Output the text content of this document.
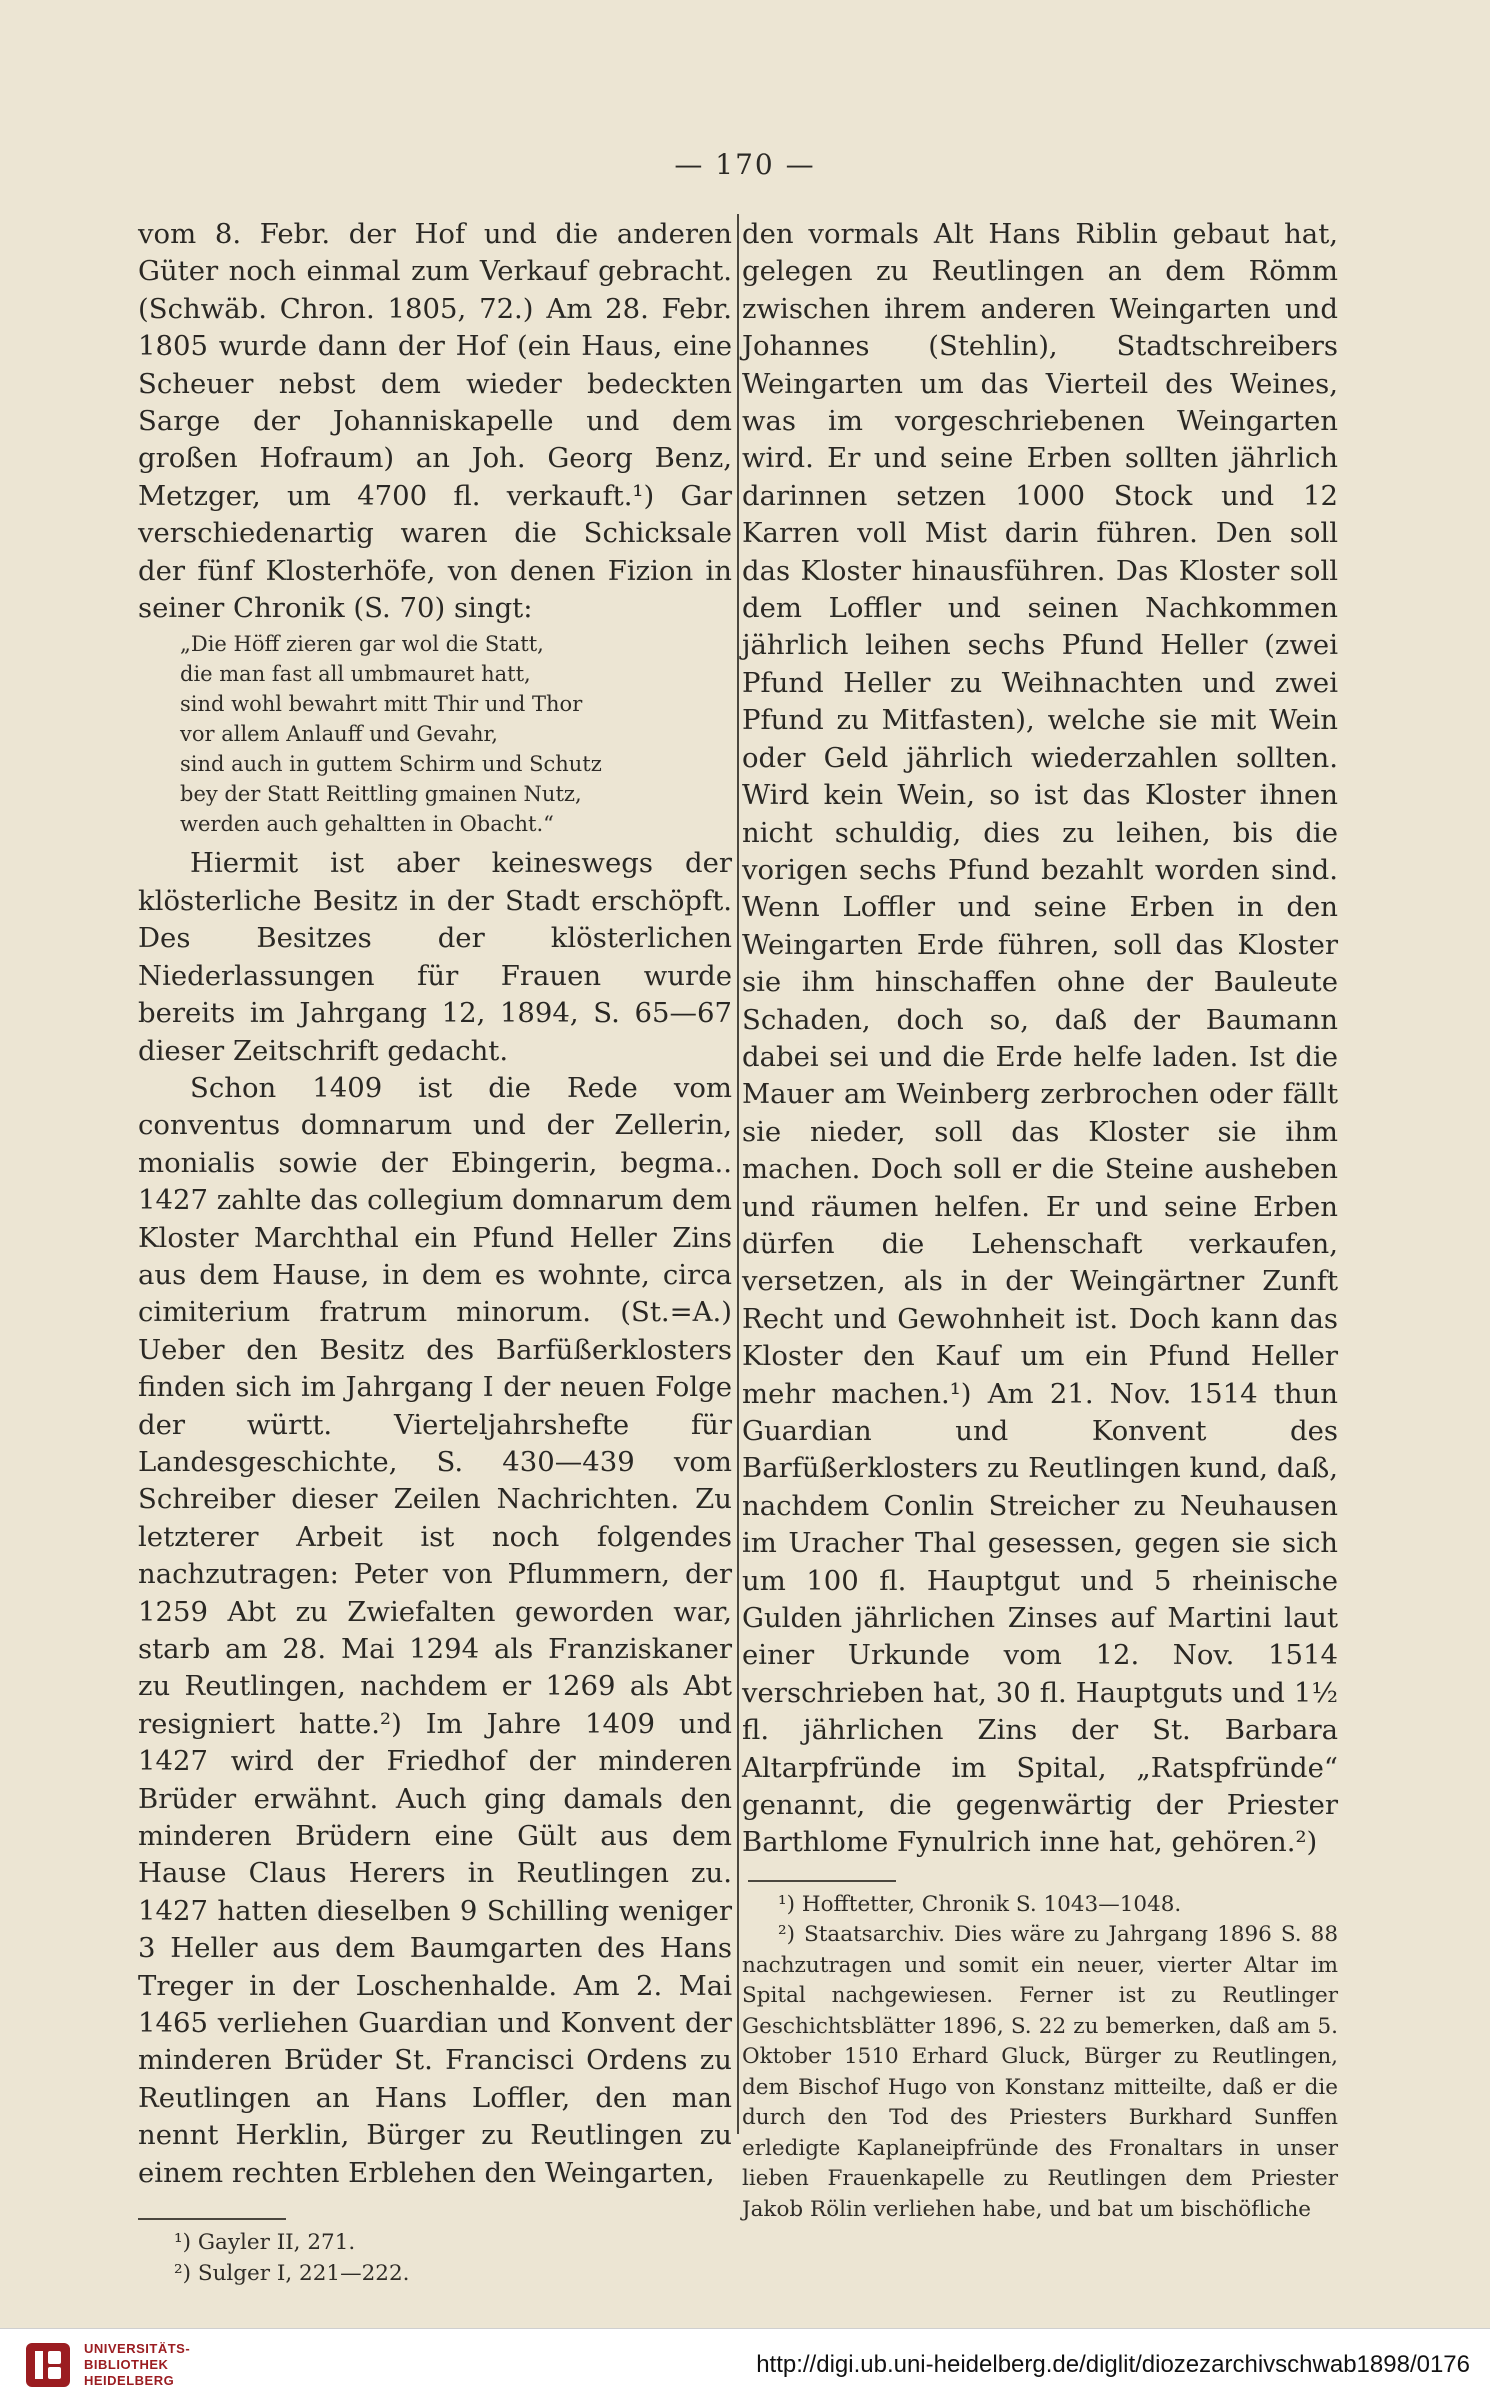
— 170 —

vom 8. Febr. der Hof und die anderen Güter noch einmal zum Verkauf gebracht. (Schwäb. Chron. 1805, 72.) Am 28. Febr. 1805 wurde dann der Hof (ein Haus, eine Scheuer nebst dem wieder bedeckten Sarge der Johanniskapelle und dem großen Hofraum) an Joh. Georg Benz, Metzger, um 4700 fl. verkauft.¹) Gar verschiedenartig waren die Schicksale der fünf Klosterhöfe, von denen Fizion in seiner Chronik (S. 70) singt:

„Die Höff zieren gar wol die Statt,
die man fast all umbmauret hatt,
sind wohl bewahrt mitt Thir und Thor
vor allem Anlauff und Gevahr,
sind auch in guttem Schirm und Schutz
bey der Statt Reittling gmainen Nutz,
werden auch gehaltten in Obacht.“

Hiermit ist aber keineswegs der klösterliche Besitz in der Stadt erschöpft. Des Besitzes der klösterlichen Niederlassungen für Frauen wurde bereits im Jahrgang 12, 1894, S. 65—67 dieser Zeitschrift gedacht.

Schon 1409 ist die Rede vom conventus domnarum und der Zellerin, monialis sowie der Ebingerin, begma.. 1427 zahlte das collegium domnarum dem Kloster Marchthal ein Pfund Heller Zins aus dem Hause, in dem es wohnte, circa cimiterium fratrum minorum. (St.=A.) Ueber den Besitz des Barfüßerklosters finden sich im Jahrgang I der neuen Folge der württ. Vierteljahrshefte für Landesgeschichte, S. 430—439 vom Schreiber dieser Zeilen Nachrichten. Zu letzterer Arbeit ist noch folgendes nachzutragen: Peter von Pflummern, der 1259 Abt zu Zwiefalten geworden war, starb am 28. Mai 1294 als Franziskaner zu Reutlingen, nachdem er 1269 als Abt resigniert hatte.²) Im Jahre 1409 und 1427 wird der Friedhof der minderen Brüder erwähnt. Auch ging damals den minderen Brüdern eine Gült aus dem Hause Claus Herers in Reutlingen zu. 1427 hatten dieselben 9 Schilling weniger 3 Heller aus dem Baumgarten des Hans Treger in der Loschenhalde. Am 2. Mai 1465 verliehen Guardian und Konvent der minderen Brüder St. Francisci Ordens zu Reutlingen an Hans Loffler, den man nennt Herklin, Bürger zu Reutlingen zu einem rechten Erblehen den Weingarten,

¹) Gayler II, 271.

²) Sulger I, 221—222.

den vormals Alt Hans Riblin gebaut hat, gelegen zu Reutlingen an dem Römm zwischen ihrem anderen Weingarten und Johannes (Stehlin), Stadtschreibers Weingarten um das Vierteil des Weines, was im vorgeschriebenen Weingarten wird. Er und seine Erben sollten jährlich darinnen setzen 1000 Stock und 12 Karren voll Mist darin führen. Den soll das Kloster hinausführen. Das Kloster soll dem Loffler und seinen Nachkommen jährlich leihen sechs Pfund Heller (zwei Pfund Heller zu Weihnachten und zwei Pfund zu Mitfasten), welche sie mit Wein oder Geld jährlich wiederzahlen sollten. Wird kein Wein, so ist das Kloster ihnen nicht schuldig, dies zu leihen, bis die vorigen sechs Pfund bezahlt worden sind. Wenn Loffler und seine Erben in den Weingarten Erde führen, soll das Kloster sie ihm hinschaffen ohne der Bauleute Schaden, doch so, daß der Baumann dabei sei und die Erde helfe laden. Ist die Mauer am Weinberg zerbrochen oder fällt sie nieder, soll das Kloster sie ihm machen. Doch soll er die Steine ausheben und räumen helfen. Er und seine Erben dürfen die Lehenschaft verkaufen, versetzen, als in der Weingärtner Zunft Recht und Gewohnheit ist. Doch kann das Kloster den Kauf um ein Pfund Heller mehr machen.¹) Am 21. Nov. 1514 thun Guardian und Konvent des Barfüßerklosters zu Reutlingen kund, daß, nachdem Conlin Streicher zu Neuhausen im Uracher Thal gesessen, gegen sie sich um 100 fl. Hauptgut und 5 rheinische Gulden jährlichen Zinses auf Martini laut einer Urkunde vom 12. Nov. 1514 verschrieben hat, 30 fl. Hauptguts und 1½ fl. jährlichen Zins der St. Barbara Altarpfründe im Spital, „Ratspfründe“ genannt, die gegenwärtig der Priester Barthlome Fynulrich inne hat, gehören.²)

¹) Hofftetter, Chronik S. 1043—1048.

²) Staatsarchiv. Dies wäre zu Jahrgang 1896 S. 88 nachzutragen und somit ein neuer, vierter Altar im Spital nachgewiesen. Ferner ist zu Reutlinger Geschichtsblätter 1896, S. 22 zu bemerken, daß am 5. Oktober 1510 Erhard Gluck, Bürger zu Reutlingen, dem Bischof Hugo von Konstanz mitteilte, daß er die durch den Tod des Priesters Burkhard Sunffen erledigte Kaplaneipfründe des Fronaltars in unser lieben Frauenkapelle zu Reutlingen dem Priester Jakob Rölin verliehen habe, und bat um bischöfliche

UNIVERSITÄTS-
BIBLIOTHEK
HEIDELBERG
http://digi.ub.uni-heidelberg.de/diglit/diozezarchivschwab1898/0176
